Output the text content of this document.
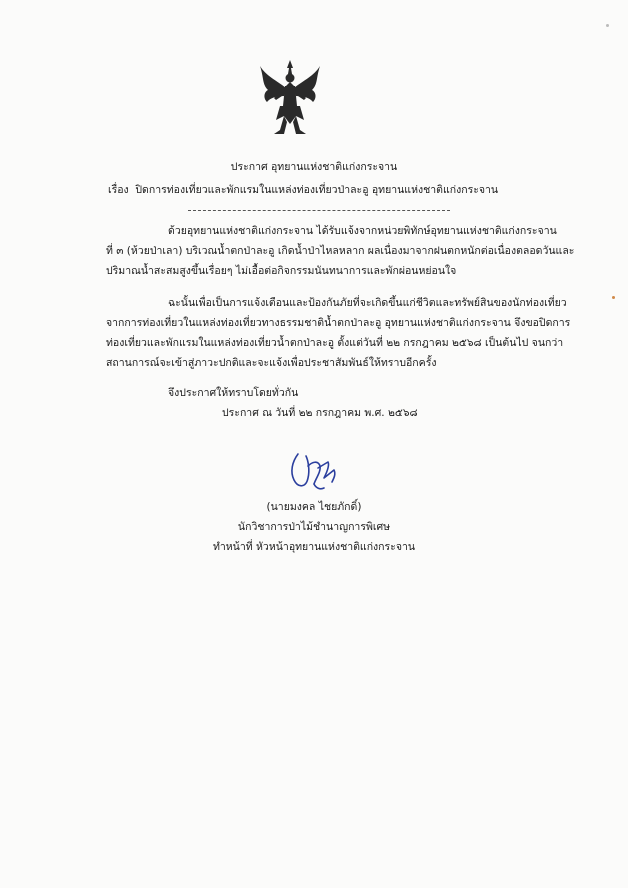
ประกาศ อุทยานแห่งชาติแก่งกระจาน
เรื่อง ปิดการท่องเที่ยวและพักแรมในแหล่งท่องเที่ยวป่าละอู อุทยานแห่งชาติแก่งกระจาน
ด้วยอุทยานแห่งชาติแก่งกระจาน ได้รับแจ้งจากหน่วยพิทักษ์อุทยานแห่งชาติแก่งกระจาน
ที่ ๓ (ห้วยป่าเลา) บริเวณน้ำตกป่าละอู เกิดน้ำป่าไหลหลาก ผลเนื่องมาจากฝนตกหนักต่อเนื่องตลอดวันและ
ปริมาณน้ำสะสมสูงขึ้นเรื่อยๆ ไม่เอื้อต่อกิจกรรมนันทนาการและพักผ่อนหย่อนใจ
ฉะนั้นเพื่อเป็นการแจ้งเตือนและป้องกันภัยที่จะเกิดขึ้นแก่ชีวิตและทรัพย์สินของนักท่องเที่ยว
จากการท่องเที่ยวในแหล่งท่องเที่ยวทางธรรมชาติน้ำตกป่าละอู อุทยานแห่งชาติแก่งกระจาน จึงขอปิดการ
ท่องเที่ยวและพักแรมในแหล่งท่องเที่ยวน้ำตกป่าละอู ตั้งแต่วันที่ ๒๒ กรกฎาคม ๒๕๖๘ เป็นต้นไป จนกว่า
สถานการณ์จะเข้าสู่ภาวะปกติและจะแจ้งเพื่อประชาสัมพันธ์ให้ทราบอีกครั้ง
จึงประกาศให้ทราบโดยทั่วกัน
ประกาศ ณ วันที่ ๒๒ กรกฎาคม พ.ศ. ๒๕๖๘
(นายมงคล ไชยภักดิ์)
นักวิชาการป่าไม้ชำนาญการพิเศษ
ทำหน้าที่ หัวหน้าอุทยานแห่งชาติแก่งกระจาน
